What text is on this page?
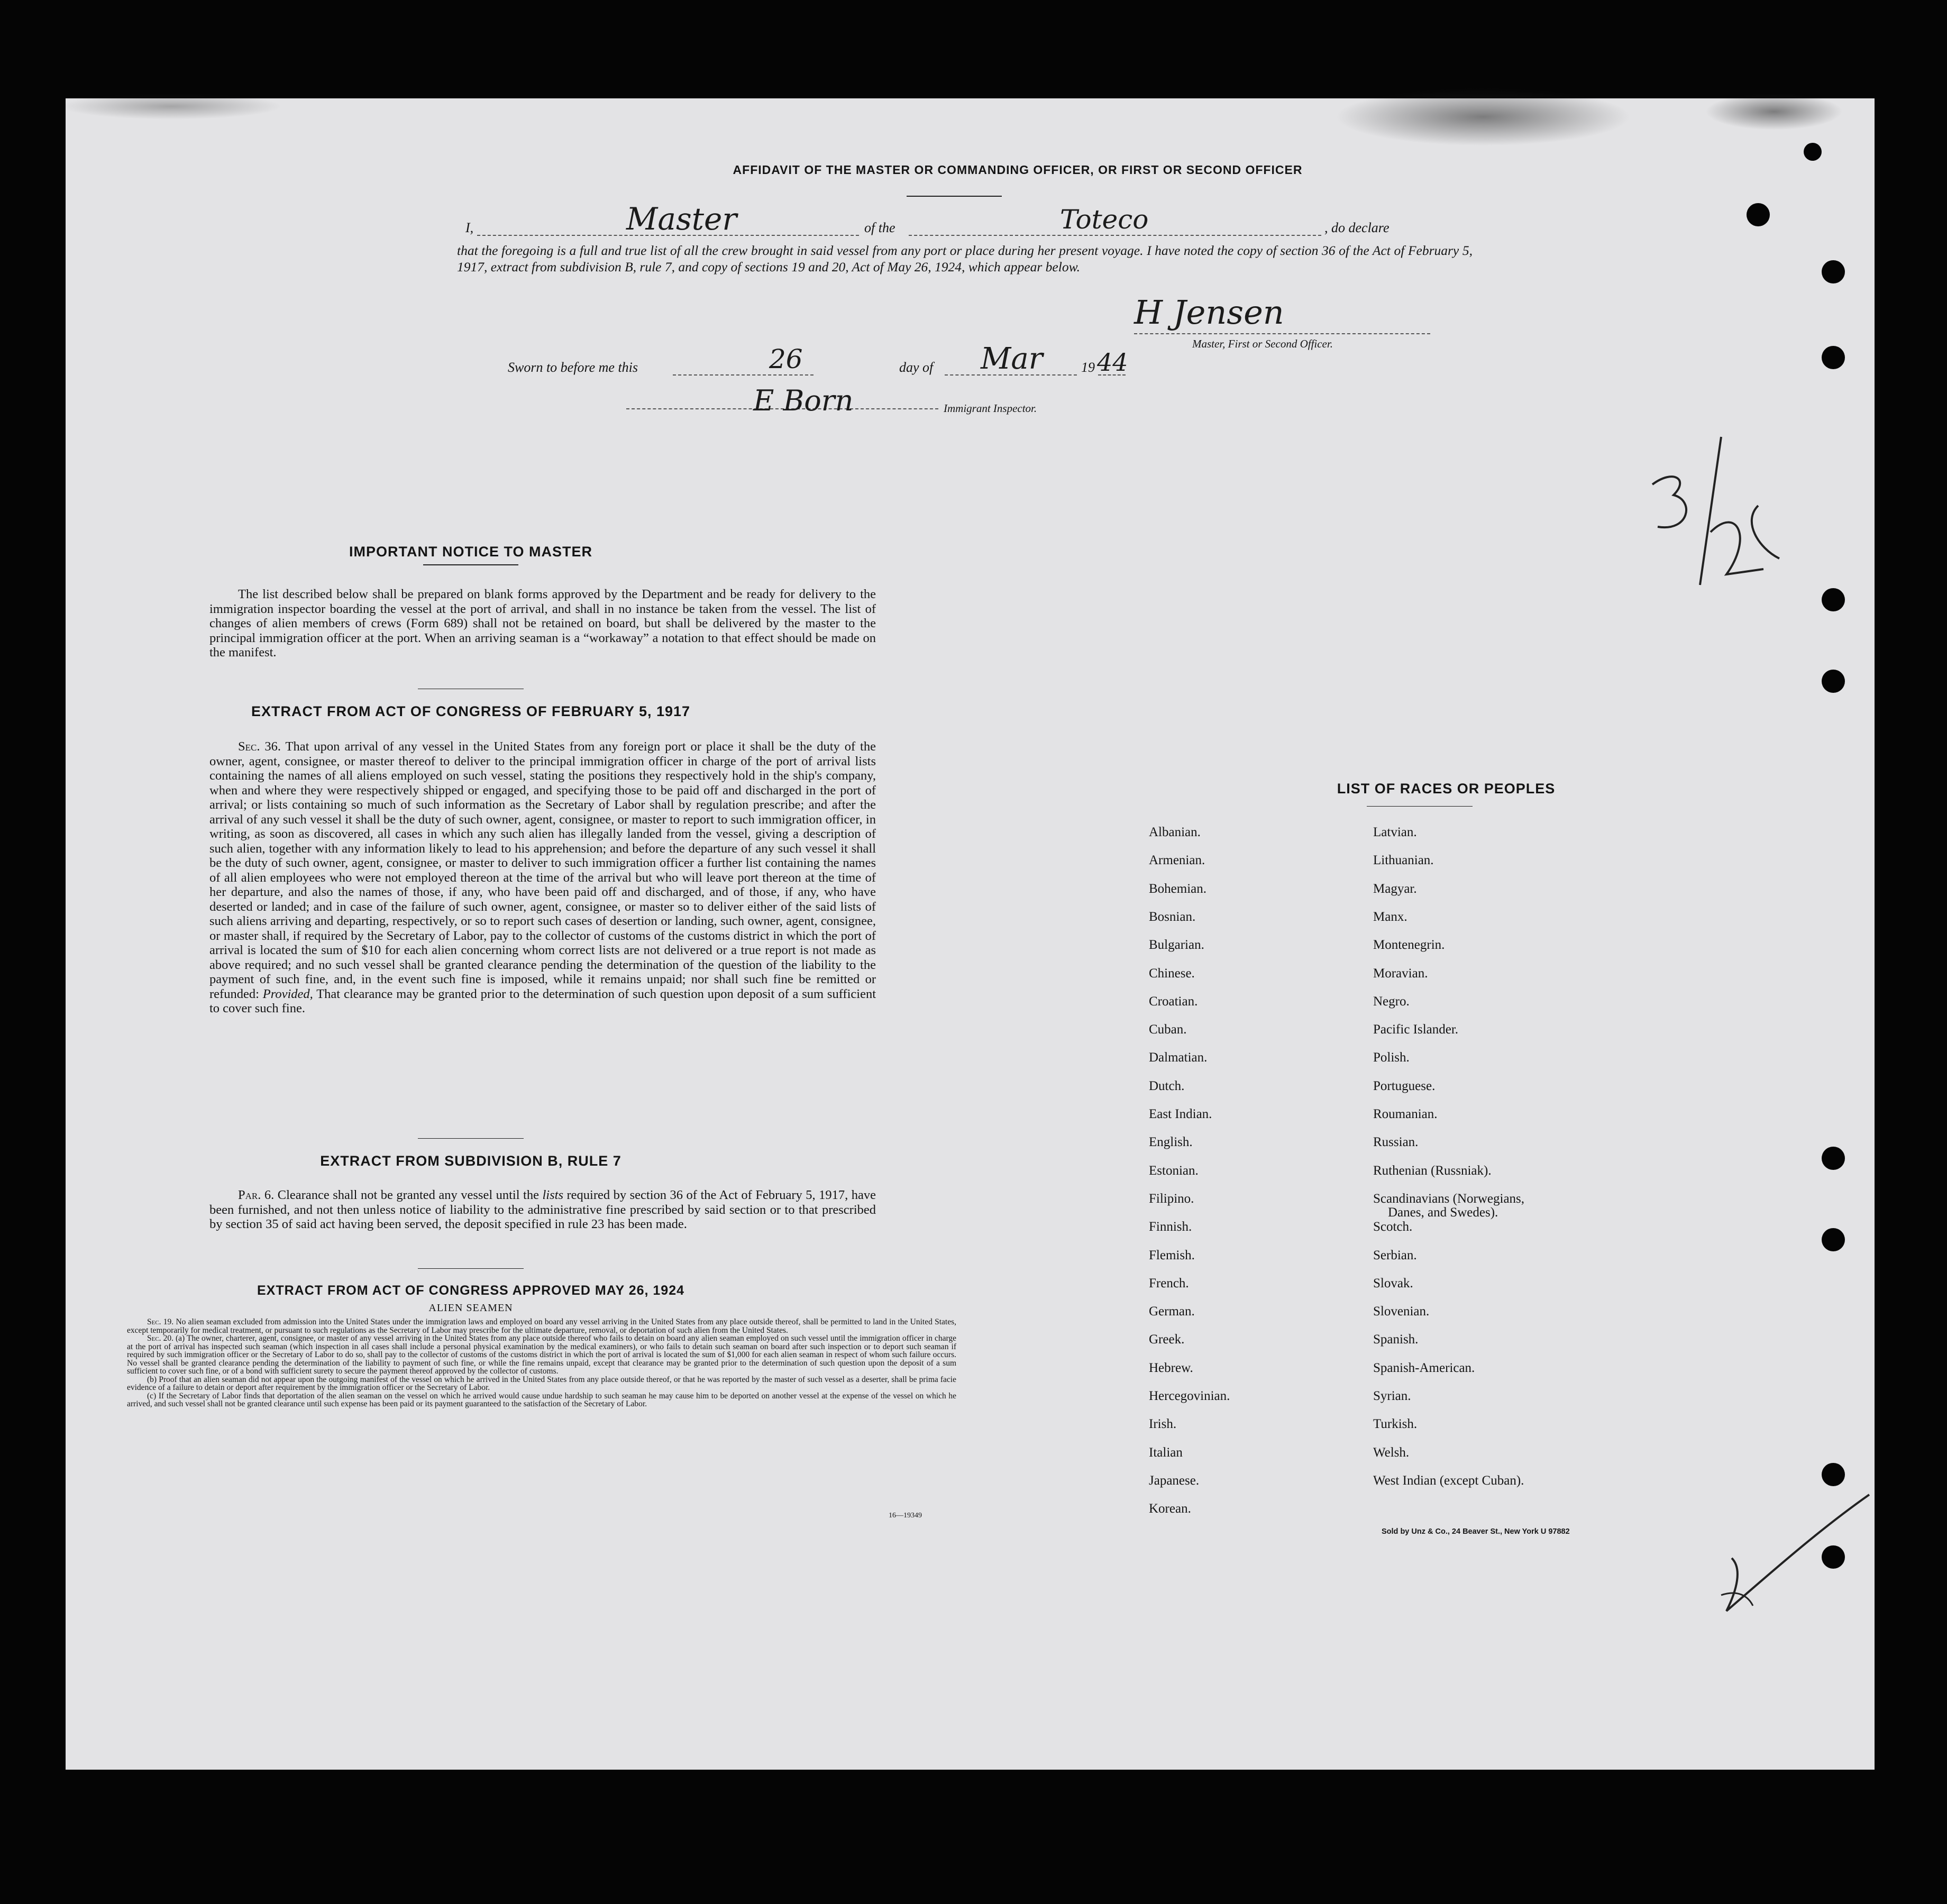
AFFIDAVIT OF THE MASTER OR COMMANDING OFFICER, OR FIRST OR SECOND OFFICER
I,	Master	of the	Toteco	, do declare
that the foregoing is a full and true list of all the crew brought in said vessel from any port or place during her present voyage. I have noted the copy of section 36 of the Act of February 5, 1917, extract from subdivision B, rule 7, and copy of sections 19 and 20, Act of May 26, 1924, which appear below.
H Jensen
Master, First or Second Officer.
Sworn to before me this	26	day of Mar	19 44
E Born	Immigrant Inspector.
IMPORTANT NOTICE TO MASTER

The list described below shall be prepared on blank forms approved by the Department and be ready for delivery to the immigration inspector boarding the vessel at the port of arrival, and shall in no instance be taken from the vessel. The list of changes of alien members of crews (Form 689) shall not be retained on board, but shall be delivered by the master to the principal immigration officer at the port. When an arriving seaman is a “workaway” a notation to that effect should be made on the manifest.

EXTRACT FROM ACT OF CONGRESS OF FEBRUARY 5, 1917

Sec. 36. That upon arrival of any vessel in the United States from any foreign port or place it shall be the duty of the owner, agent, consignee, or master thereof to deliver to the principal immigration officer in charge of the port of arrival lists containing the names of all aliens employed on such vessel, stating the positions they respectively hold in the ship's company, when and where they were respectively shipped or engaged, and specifying those to be paid off and discharged in the port of arrival; or lists containing so much of such information as the Secretary of Labor shall by regulation prescribe; and after the arrival of any such vessel it shall be the duty of such owner, agent, consignee, or master to report to such immigration officer, in writing, as soon as discovered, all cases in which any such alien has illegally landed from the vessel, giving a description of such alien, together with any information likely to lead to his apprehension; and before the departure of any such vessel it shall be the duty of such owner, agent, consignee, or master to deliver to such immigration officer a further list containing the names of all alien employees who were not employed thereon at the time of the arrival but who will leave port thereon at the time of her departure, and also the names of those, if any, who have been paid off and discharged, and of those, if any, who have deserted or landed; and in case of the failure of such owner, agent, consignee, or master so to deliver either of the said lists of such aliens arriving and departing, respectively, or so to report such cases of desertion or landing, such owner, agent, consignee, or master shall, if required by the Secretary of Labor, pay to the collector of customs of the customs district in which the port of arrival is located the sum of $10 for each alien concerning whom correct lists are not delivered or a true report is not made as above required; and no such vessel shall be granted clearance pending the determination of the question of the liability to the payment of such fine, and, in the event such fine is imposed, while it remains unpaid; nor shall such fine be remitted or refunded: Provided, That clearance may be granted prior to the determination of such question upon deposit of a sum sufficient to cover such fine.

EXTRACT FROM SUBDIVISION B, RULE 7

Par. 6. Clearance shall not be granted any vessel until the lists required by section 36 of the Act of February 5, 1917, have been furnished, and not then unless notice of liability to the administrative fine prescribed by said section or to that prescribed by section 35 of said act having been served, the deposit specified in rule 23 has been made.

EXTRACT FROM ACT OF CONGRESS APPROVED MAY 26, 1924
ALIEN SEAMEN

Sec. 19. No alien seaman excluded from admission into the United States under the immigration laws and employed on board any vessel arriving in the United States from any place outside thereof, shall be permitted to land in the United States, except temporarily for medical treatment, or pursuant to such regulations as the Secretary of Labor may prescribe for the ultimate departure, removal, or deportation of such alien from the United States.

Sec. 20. (a) The owner, charterer, agent, consignee, or master of any vessel arriving in the United States from any place outside thereof who fails to detain on board any alien seaman employed on such vessel until the immigration officer in charge at the port of arrival has inspected such seaman (which inspection in all cases shall include a personal physical examination by the medical examiners), or who fails to detain such seaman on board after such inspection or to deport such seaman if required by such immigration officer or the Secretary of Labor to do so, shall pay to the collector of customs of the customs district in which the port of arrival is located the sum of $1,000 for each alien seaman in respect of whom such failure occurs. No vessel shall be granted clearance pending the determination of the liability to payment of such fine, or while the fine remains unpaid, except that clearance may be granted prior to the determination of such question upon the deposit of a sum sufficient to cover such fine, or of a bond with sufficient surety to secure the payment thereof approved by the collector of customs.

(b) Proof that an alien seaman did not appear upon the outgoing manifest of the vessel on which he arrived in the United States from any place outside thereof, or that he was reported by the master of such vessel as a deserter, shall be prima facie evidence of a failure to detain or deport after requirement by the immigration officer or the Secretary of Labor.

(c) If the Secretary of Labor finds that deportation of the alien seaman on the vessel on which he arrived would cause undue hardship to such seaman he may cause him to be deported on another vessel at the expense of the vessel on which he arrived, and such vessel shall not be granted clearance until such expense has been paid or its payment guaranteed to the satisfaction of the Secretary of Labor.

16—19349
LIST OF RACES OR PEOPLES
Sold by Unz & Co., 24 Beaver St., New York U 97882
3/24
Albanian.
Armenian.
Bohemian.
Bosnian.
Bulgarian.
Chinese.
Croatian.
Cuban.
Dalmatian.
Dutch.
East Indian.
English.
Estonian.
Filipino.
Finnish.
Flemish.
French.
German.
Greek.
Hebrew.
Hercegovinian.
Irish.
Italian
Japanese.
Korean.
Latvian.
Lithuanian.
Magyar.
Manx.
Montenegrin.
Moravian.
Negro.
Pacific Islander.
Polish.
Portuguese.
Roumanian.
Russian.
Ruthenian (Russniak).
Scandinavians (Norwegians,
Danes, and Swedes).
Scotch.
Serbian.
Slovak.
Slovenian.
Spanish.
Spanish-American.
Syrian.
Turkish.
Welsh.
West Indian (except Cuban).
